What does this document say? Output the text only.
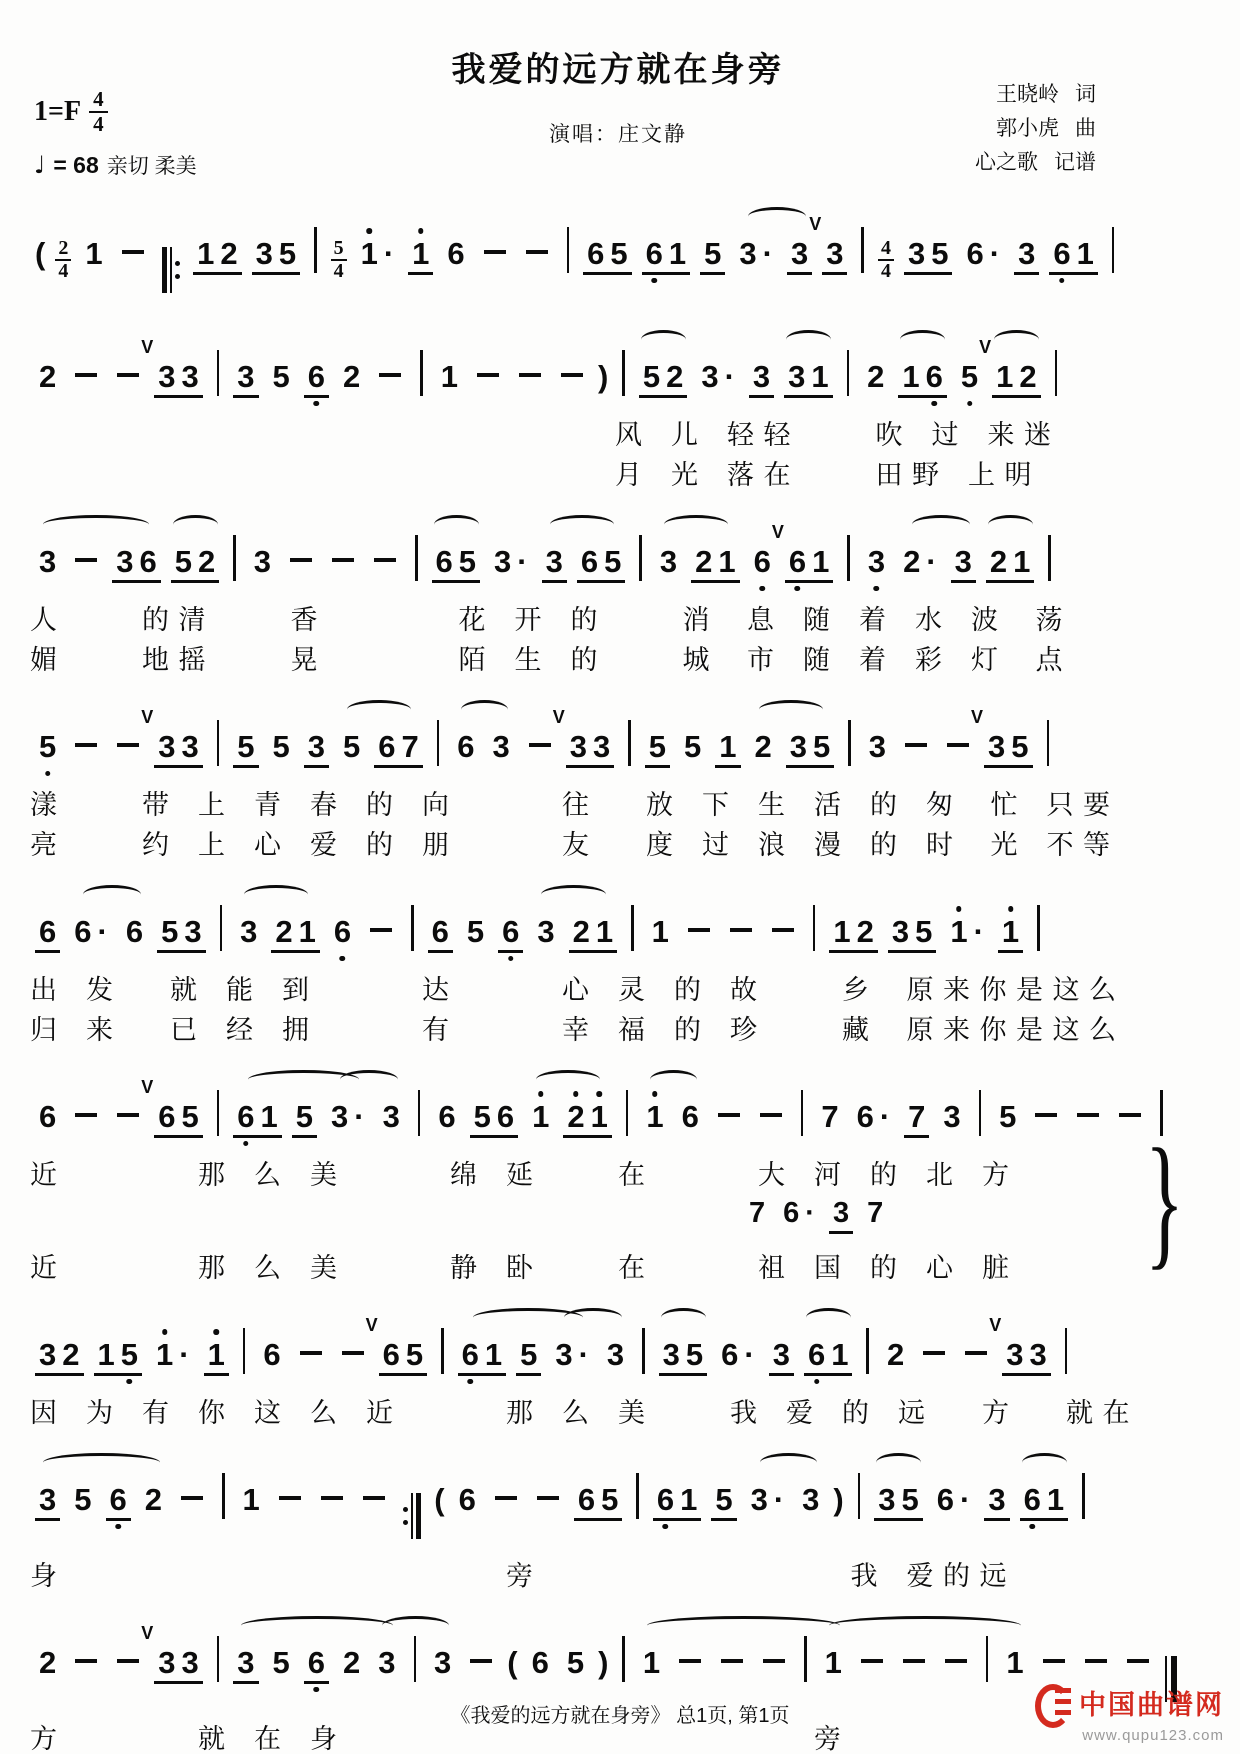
我爱的远方就在身旁
演唱：庄文静
王晓岭 词
郭小虎 曲
心之歌 记谱
$1=F \frac{4}{4}$
♩ = 68 亲切 柔美
( $\frac{2}{4} 1$	1 2 3 $5 \frac{5}{4} 1 \cdot 1$ 6	6 5 6 1 5 3 · 3 V $3 \frac{4}{4} 3$ 5 6 · 3 6 1
2	V 3 3 3 5 6 2	1	) 5 2 3 · 3 3 1 2 1 6 5 V 1 2
风　儿　轻 轻　　　吹　过　来 迷
月　光　落 在　　　田 野　上 明
3 3 6 5 2 3	6 5 3 · 3 6 5 3 2 1 6 V 6 1 3 2 · 3 2 1
人　　　的 清　　　香　　　　　花　开　的　　　消　 息　随　着　水　波　 荡
媚　　　地 摇　　　晃　　　　　陌　生　的　　　城　 市　随　着　彩　灯　 点
5	V 3 3 5 5 3 5 6 7 6 3 V 3 3 5 5 1 2 3 5 3	V 3 5
漾　　　带　上　青　春　的　向　　　　往　　放　下　生　活　的　匆　 忙　只 要
亮　　　约　上　心　爱　的　朋　　　　友　　度　过　浪　漫　的　时　 光　不 等
6 6 · 6 5 3 3 2 1 6	6 5 6 3 2 1 1	1 2 3 5 1 · 1
出　发　　就　能　到　　　　达　　　　心　灵　的　故　　　乡　 原 来 你 是 这 么
归　来　　已　经　拥　　　　有　　　　幸　福　的　珍　　　藏　 原 来 你 是 这 么
6	V 6 5 6 1 5 3 · 3 6 5 6 1 2 1 1 6	7 6 · 7 3 5
近　　　　　那　么　美　　　　绵　延　　　在　　　　大　河　的　北　方
7 6 · 3 7
近　　　　　那　么　美　　　　静　卧　　　在　　　　祖　国　的　心　脏 }
3 2 1 5 1 · 1 6	V 6 5 6 1 5 3 · 3 3 5 6 · 3 6 1 2	V 3 3
因　为　有　你　这　么　近　　　　那　么　美　　　我　爱　的　远　　方　　就 在
3 5 6 2	1	( 6	6 5 6 1 5 3 · 3 ) 3 5 6 · 3 6 1
身　　　　　　　　　　　　　　　　旁　　　　　　　　　　　 我　爱 的 远
2	V 3 3 3 5 6 2 3 3 ( 6 5 ) 1	1	1
方　　　　　就　在　身　　　　　　　　　　　　　　　　　旁
《我爱的远方就在身旁》 总1页, 第1页	中国曲谱网
www.qupu123.com
